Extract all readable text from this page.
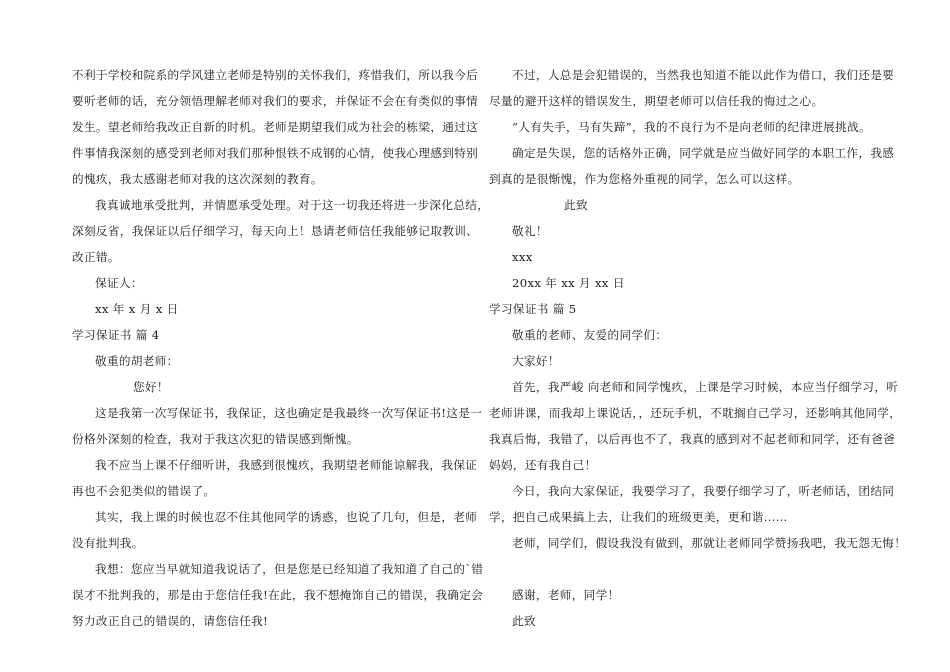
不利于学校和院系的学风建立老师是特别的关怀我们，疼惜我们，所以我今后
要听老师的话，充分领悟理解老师对我们的要求，并保证不会在有类似的事情
发生。望老师给我改正自新的时机。老师是期望我们成为社会的栋梁，通过这
件事情我深刻的感受到老师对我们那种恨铁不成钢的心情，使我心理感到特别
的愧疚，我太感谢老师对我的这次深刻的教育。
我真诚地承受批判，并情愿承受处理。对于这一切我还将进一步深化总结，
深刻反省，我保证以后仔细学习，每天向上！恳请老师信任我能够记取教训、
改正错。
保证人：
xx 年 x 月 x 日
学习保证书 篇 4
敬重的胡老师：
您好！
这是我第一次写保证书，我保证，这也确定是我最终一次写保证书!这是一
份格外深刻的检查，我对于我这次犯的错误感到惭愧。
我不应当上课不仔细听讲，我感到很愧疚，我期望老师能谅解我，我保证
再也不会犯类似的错误了。
其实，我上课的时候也忍不住其他同学的诱惑，也说了几句，但是，老师
没有批判我。
我想：您应当早就知道我说话了，但是您是已经知道了我知道了自己的`错
误才不批判我的，那是由于您信任我!在此，我不想掩饰自己的错误，我确定会
努力改正自己的错误的，请您信任我!
不过，人总是会犯错误的，当然我也知道不能以此作为借口，我们还是要
尽量的避开这样的错误发生，期望老师可以信任我的悔过之心。
“人有失手，马有失蹄”，我的不良行为不是向老师的纪律进展挑战。
确定是失误，您的话格外正确，同学就是应当做好同学的本职工作，我感
到真的是很惭愧，作为您格外重视的同学，怎么可以这样。
此致
敬礼！
xxx
20xx 年 xx 月 xx 日
学习保证书 篇 5
敬重的老师、友爱的同学们：
大家好！
首先，我严峻 向老师和同学愧疚，上课是学习时候，本应当仔细学习，听
老师讲课，而我却上课说话，，还玩手机，不耽搁自己学习，还影响其他同学，
我真后悔，我错了，以后再也不了，我真的感到对不起老师和同学，还有爸爸
妈妈，还有我自己！
今日，我向大家保证，我要学习了，我要仔细学习了，听老师话，团结同
学，把自己成果搞上去，让我们的班级更美，更和谐……
老师，同学们，假设我没有做到，那就让老师同学赞扬我吧，我无怨无悔！
感谢，老师，同学！
此致
